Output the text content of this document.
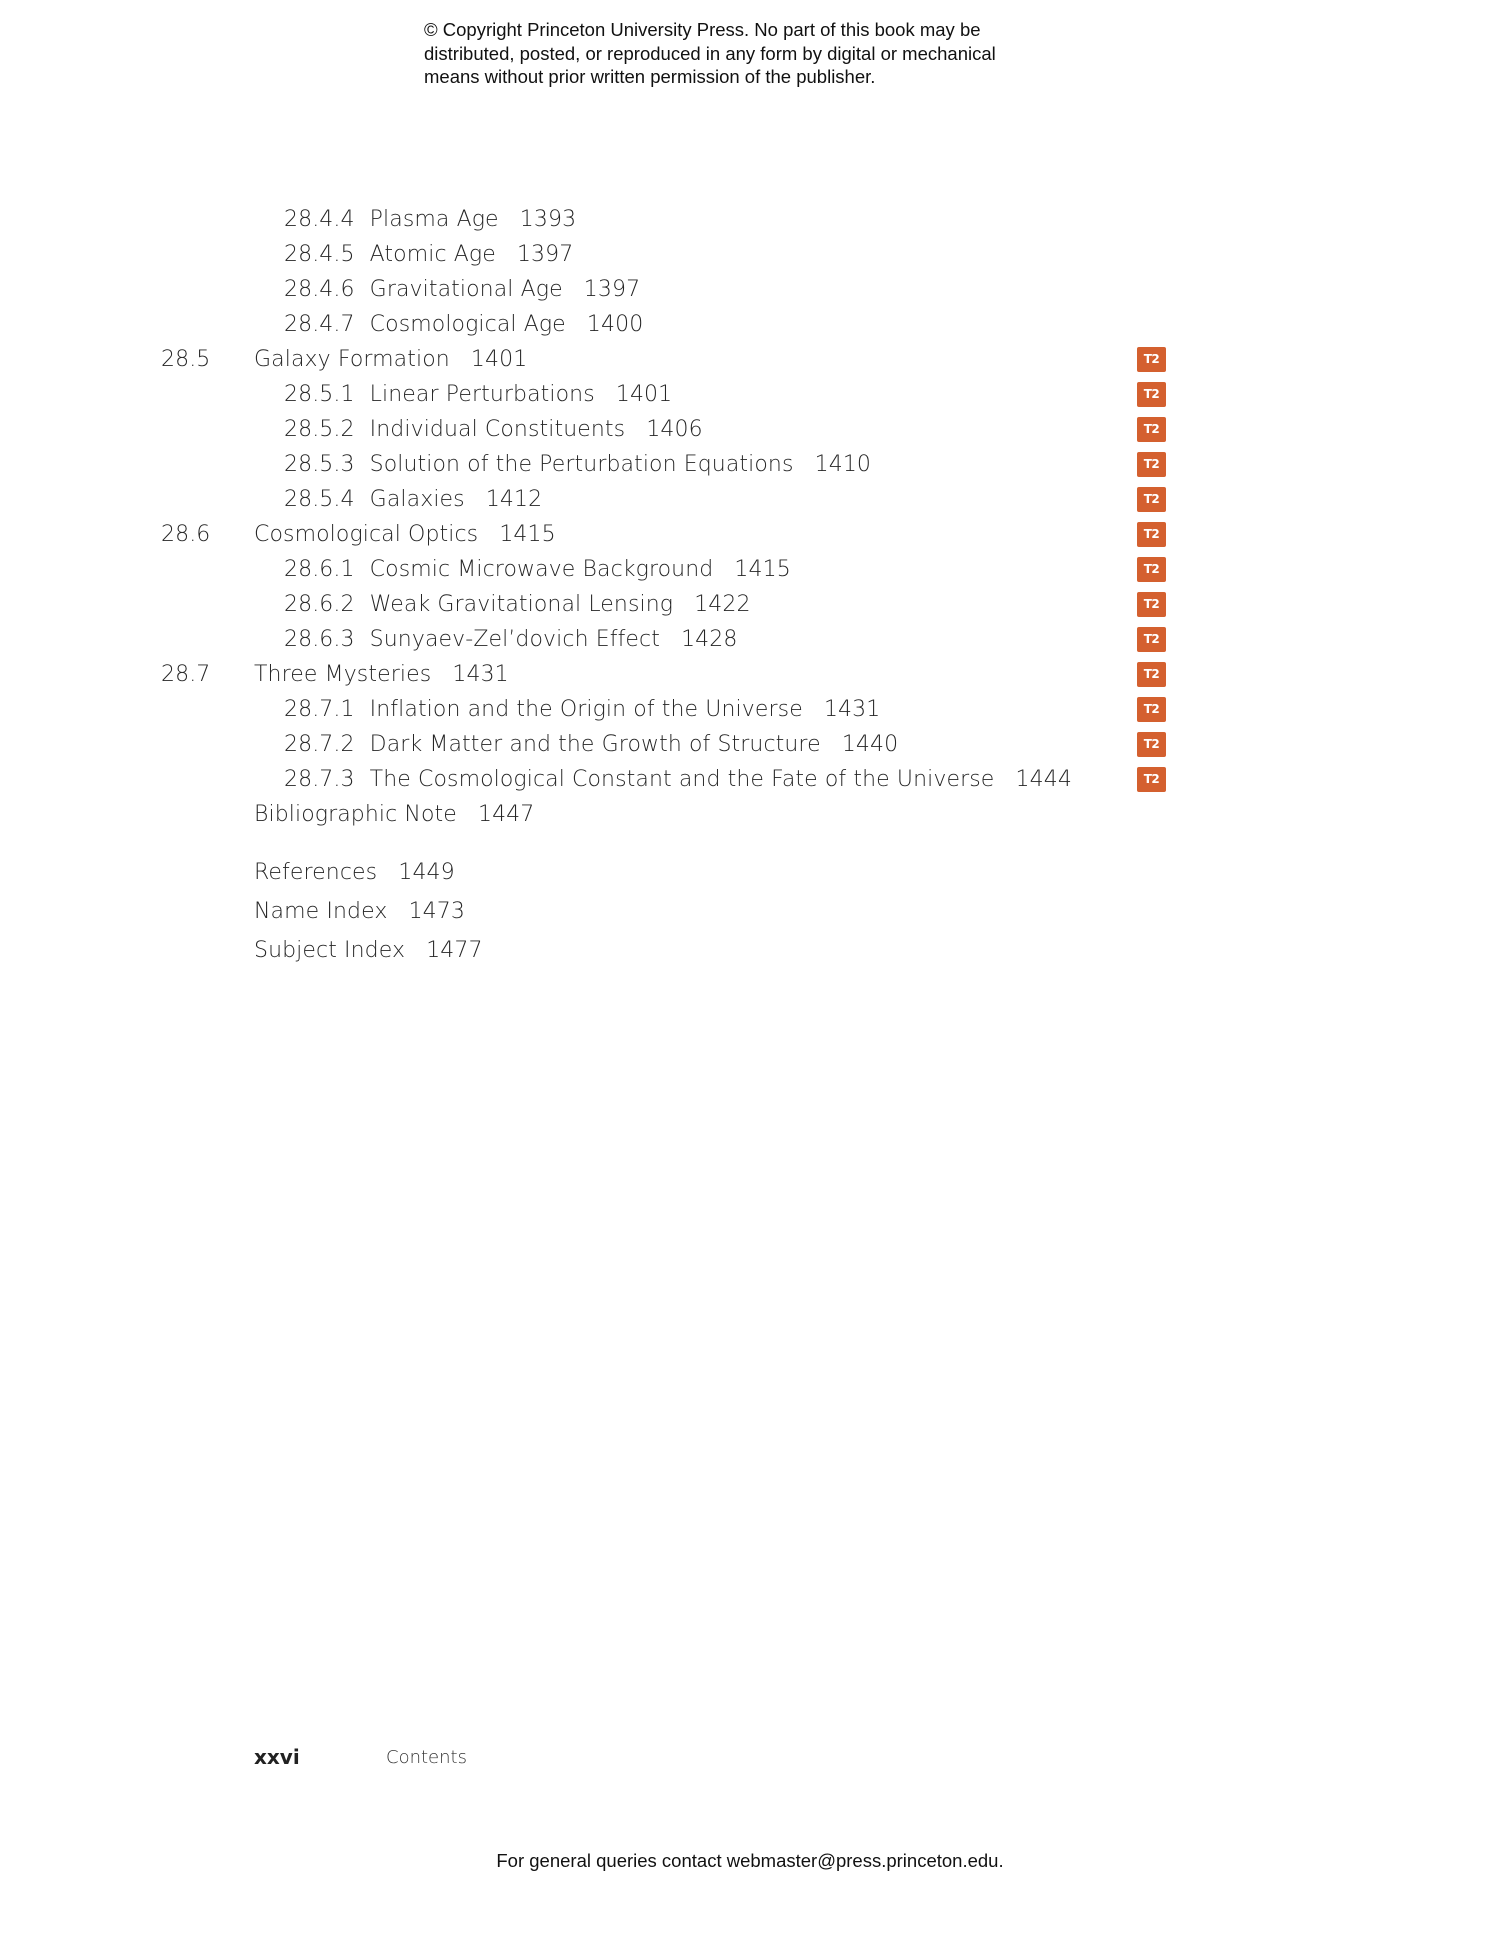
© Copyright Princeton University Press. No part of this book may be
distributed, posted, or reproduced in any form by digital or mechanical
means without prior written permission of the publisher.
28.4.4 Plasma Age 1393
28.4.5 Atomic Age 1397
28.4.6 Gravitational Age 1397
28.4.7 Cosmological Age 1400
28.5 Galaxy Formation 1401	T2
28.5.1 Linear Perturbations 1401	T2
28.5.2 Individual Constituents 1406	T2
28.5.3 Solution of the Perturbation Equations 1410	T2
28.5.4 Galaxies 1412	T2
28.6 Cosmological Optics 1415	T2
28.6.1 Cosmic Microwave Background 1415	T2
28.6.2 Weak Gravitational Lensing 1422	T2
28.6.3 Sunyaev-Zel’dovich Effect 1428	T2
28.7 Three Mysteries 1431	T2
28.7.1 Inflation and the Origin of the Universe 1431	T2
28.7.2 Dark Matter and the Growth of Structure 1440	T2
28.7.3 The Cosmological Constant and the Fate of the Universe 1444	T2
Bibliographic Note 1447
References 1449
Name Index 1473
Subject Index 1477
xxvi	Contents
For general queries contact webmaster@press.princeton.edu.
